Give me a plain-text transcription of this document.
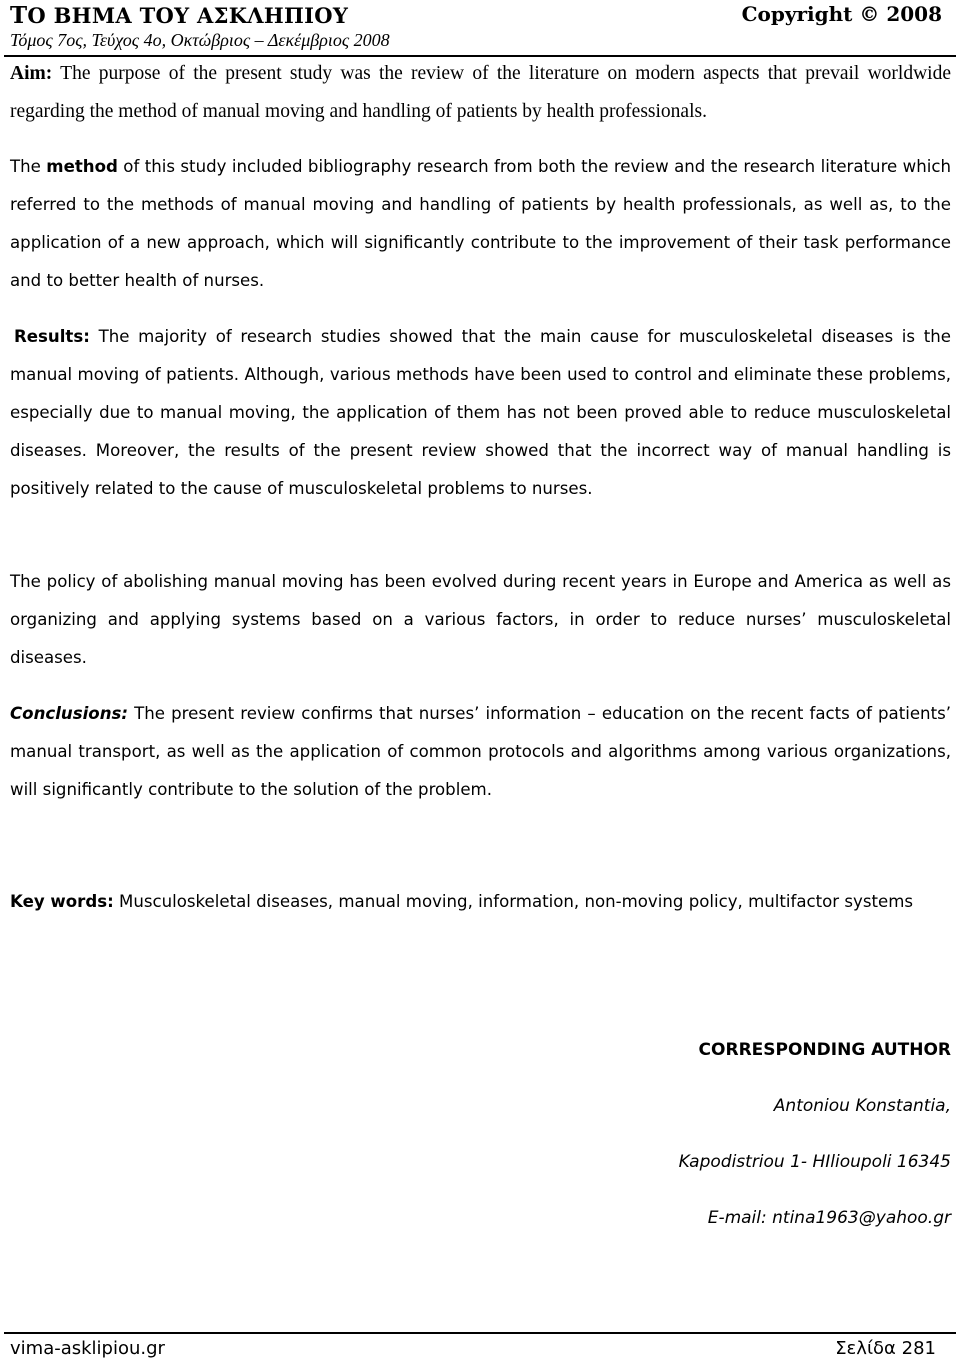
ΤΟ ΒΗΜΑ ΤΟΥ ΑΣΚΛΗΠΙΟΥ	Copyright © 2008
Τόμος 7ος, Τεύχος 4ο, Οκτώβριος – Δεκέμβριος 2008
Aim: The purpose of the present study was the review of the literature on modern aspects that prevail worldwide regarding the method of manual moving and handling of patients by health professionals.
The method of this study included bibliography research from both the review and the research literature which referred to the methods of manual moving and handling of patients by health professionals, as well as, to the application of a new approach, which will significantly contribute to the improvement of their task performance and to better health of nurses.
Results: The majority of research studies showed that the main cause for musculoskeletal diseases is the manual moving of patients. Although, various methods have been used to control and eliminate these problems, especially due to manual moving, the application of them has not been proved able to reduce musculoskeletal diseases. Moreover, the results of the present review showed that the incorrect way of manual handling is positively related to the cause of musculoskeletal problems to nurses.
The policy of abolishing manual moving has been evolved during recent years in Europe and America as well as organizing and applying systems based on a various factors, in order to reduce nurses’ musculoskeletal diseases.
Conclusions: The present review confirms that nurses’ information – education on the recent facts of patients’ manual transport, as well as the application of common protocols and algorithms among various organizations, will significantly contribute to the solution of the problem.
Key words: Musculoskeletal diseases, manual moving, information, non-moving policy, multifactor systems
CORRESPONDING AUTHOR
Antoniou Konstantia,
Kapodistriou 1- HIlioupoli 16345
E-mail: ntina1963@yahoo.gr
vima-asklipiou.gr	Σελίδα 281
